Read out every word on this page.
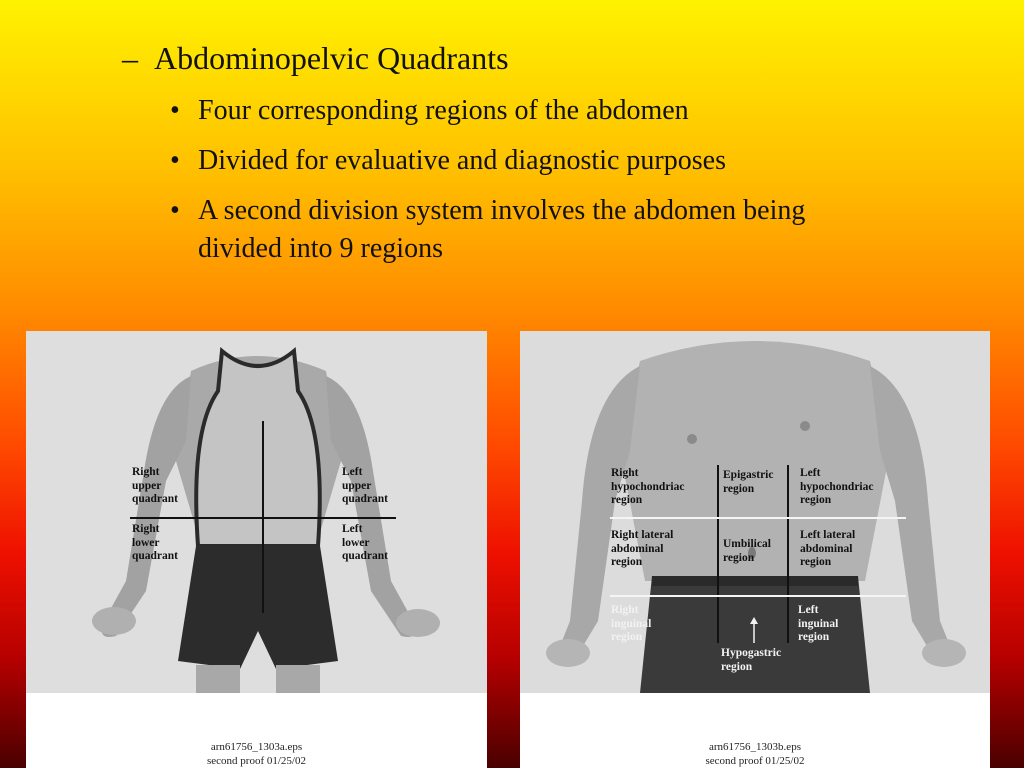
– Abdominopelvic Quadrants
• Four corresponding regions of the abdomen
• Divided for evaluative and diagnostic purposes
• A second division system involves the abdomen being divided into 9 regions
Right
upper
quadrant
Left
upper
quadrant
Right
lower
quadrant
Left
lower
quadrant
arn61756_1303a.eps
second proof 01/25/02
Right
hypochondriac
region
Epigastric
region
Left
hypochondriac
region
Right lateral
abdominal
region
Umbilical
region
Left lateral
abdominal
region
Right
inguinal
region
Left
inguinal
region
Hypogastric
region
arn61756_1303b.eps
second proof 01/25/02
